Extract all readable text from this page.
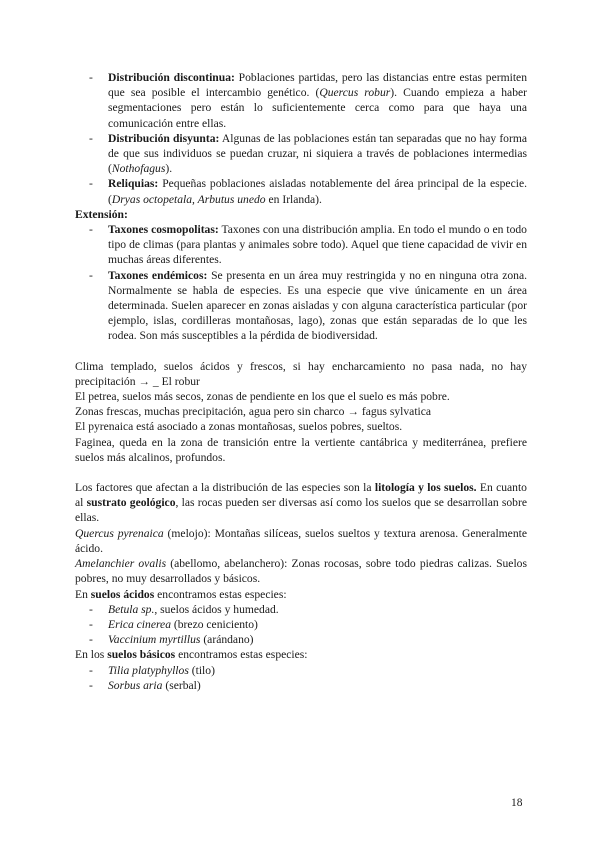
- Distribución discontinua: Poblaciones partidas, pero las distancias entre estas permiten que sea posible el intercambio genético. (Quercus robur). Cuando empieza a haber segmentaciones pero están lo suficientemente cerca como para que haya una comunicación entre ellas.
- Distribución disyunta: Algunas de las poblaciones están tan separadas que no hay forma de que sus individuos se puedan cruzar, ni siquiera a través de poblaciones intermedias (Nothofagus).
- Reliquias: Pequeñas poblaciones aisladas notablemente del área principal de la especie. (Dryas octopetala, Arbutus unedo en Irlanda).

Extensión:

- Taxones cosmopolitas: Taxones con una distribución amplia. En todo el mundo o en todo tipo de climas (para plantas y animales sobre todo). Aquel que tiene capacidad de vivir en muchas áreas diferentes.
- Taxones endémicos: Se presenta en un área muy restringida y no en ninguna otra zona. Normalmente se habla de especies. Es una especie que vive únicamente en un área determinada. Suelen aparecer en zonas aisladas y con alguna característica particular (por ejemplo, islas, cordilleras montañosas, lago), zonas que están separadas de lo que les rodea. Son más susceptibles a la pérdida de biodiversidad.

Clima templado, suelos ácidos y frescos, si hay encharcamiento no pasa nada, no hay precipitación → _ El robur

El petrea, suelos más secos, zonas de pendiente en los que el suelo es más pobre.

Zonas frescas, muchas precipitación, agua pero sin charco → fagus sylvatica

El pyrenaica está asociado a zonas montañosas, suelos pobres, sueltos.

Faginea, queda en la zona de transición entre la vertiente cantábrica y mediterránea, prefiere suelos más alcalinos, profundos.

Los factores que afectan a la distribución de las especies son la litología y los suelos. En cuanto al sustrato geológico, las rocas pueden ser diversas así como los suelos que se desarrollan sobre ellas.

Quercus pyrenaica (melojo): Montañas silíceas, suelos sueltos y textura arenosa. Generalmente ácido.

Amelanchier ovalis (abellomo, abelanchero): Zonas rocosas, sobre todo piedras calizas. Suelos pobres, no muy desarrollados y básicos.

En suelos ácidos encontramos estas especies:

- Betula sp., suelos ácidos y humedad.
- Erica cinerea (brezo ceniciento)
- Vaccinium myrtillus (arándano)

En los suelos básicos encontramos estas especies:

- Tilia platyphyllos (tilo)
- Sorbus aria (serbal)
18
